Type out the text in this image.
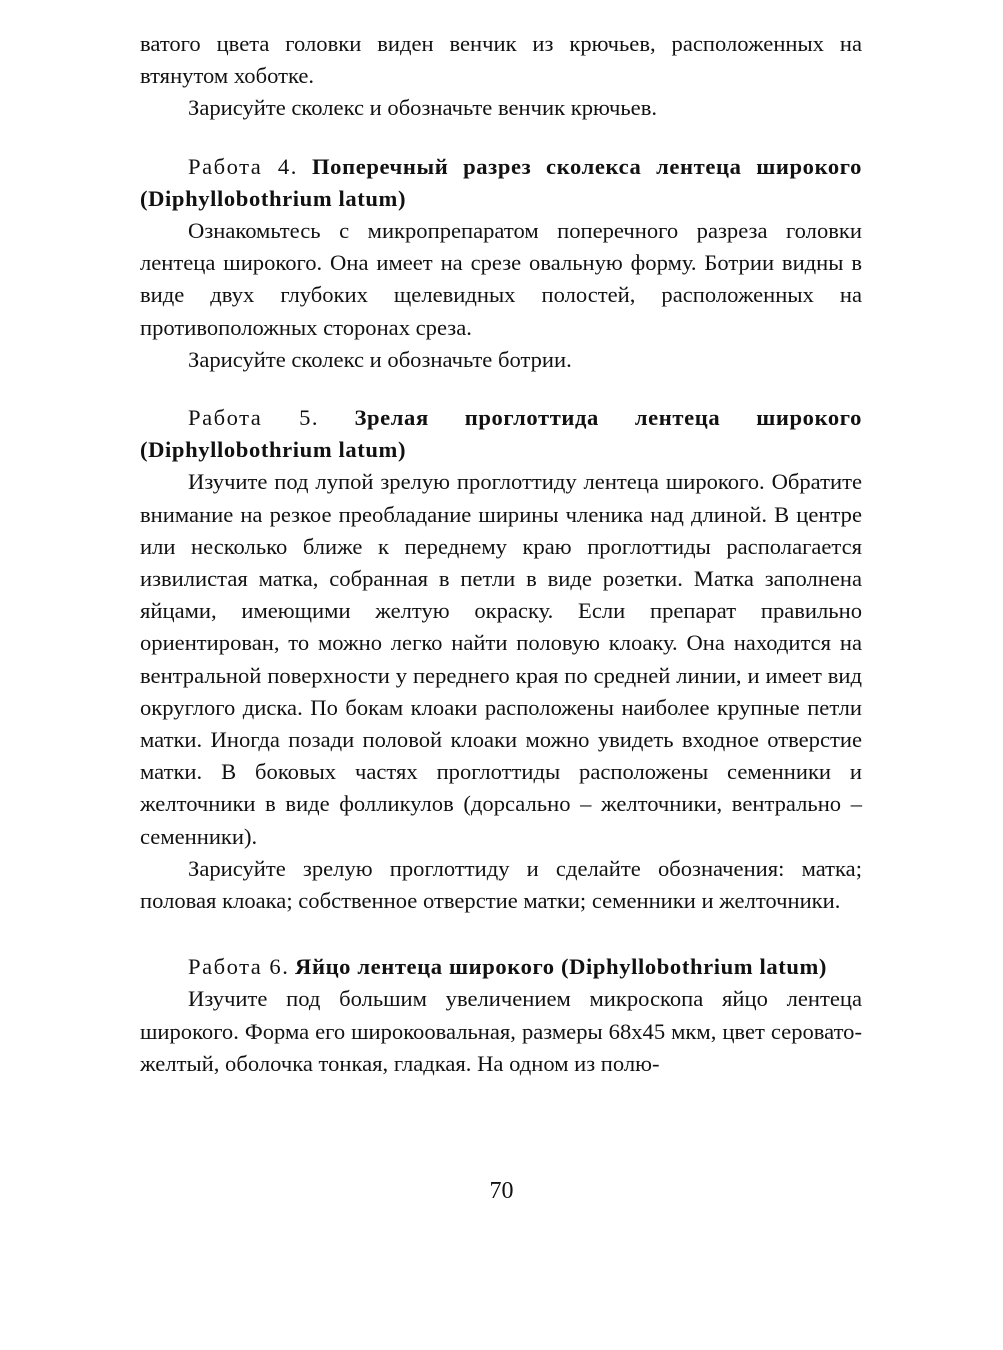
ватого цвета головки виден венчик из крючьев, расположенных на втянутом хоботке.

Зарисуйте сколекс и обозначьте венчик крючьев.

Работа 4. Поперечный разрез сколекса лентеца широкого (Diphyllobothrium latum)

Ознакомьтесь с микропрепаратом поперечного разреза головки лентеца широкого. Она имеет на срезе овальную форму. Ботрии видны в виде двух глубоких щелевидных полостей, расположенных на противоположных сторонах среза.

Зарисуйте сколекс и обозначьте ботрии.

Работа 5. Зрелая проглоттида лентеца широкого (Diphyllobothrium latum)

Изучите под лупой зрелую проглоттиду лентеца широкого. Обратите внимание на резкое преобладание ширины членика над длиной. В центре или несколько ближе к переднему краю проглоттиды располагается извилистая матка, собранная в петли в виде розетки. Матка заполнена яйцами, имеющими желтую окраску. Если препарат правильно ориентирован, то можно легко найти половую клоаку. Она находится на вентральной поверхности у переднего края по средней линии, и имеет вид округлого диска. По бокам клоаки расположены наиболее крупные петли матки. Иногда позади половой клоаки можно увидеть входное отверстие матки. В боковых частях проглоттиды расположены семенники и желточники в виде фолликулов (дорсально – желточники, вентрально – семенники).

Зарисуйте зрелую проглоттиду и сделайте обозначения: матка; половая клоака; собственное отверстие матки; семенники и желточники.

Работа 6. Яйцо лентеца широкого (Diphyllobothrium latum)

Изучите под большим увеличением микроскопа яйцо лентеца широкого. Форма его широкоовальная, размеры 68x45 мкм, цвет серовато-желтый, оболочка тонкая, гладкая. На одном из полю-

70
